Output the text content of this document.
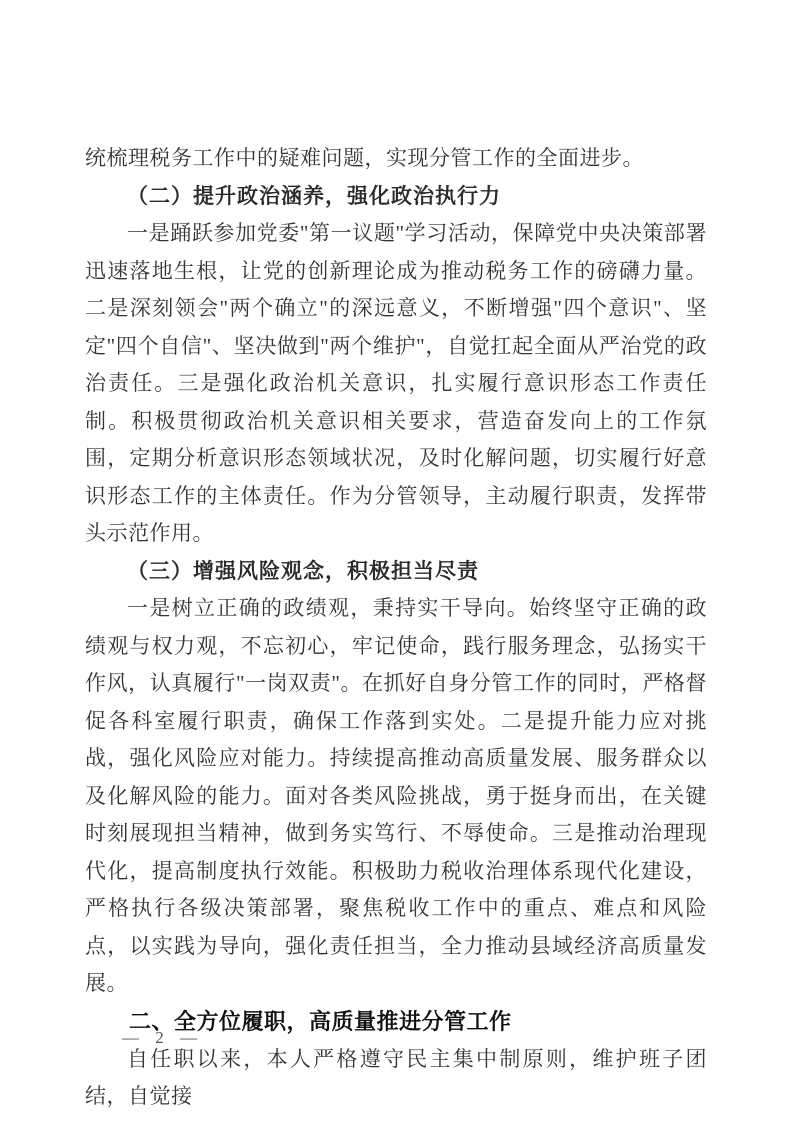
统梳理税务工作中的疑难问题，实现分管工作的全面进步。

（二）提升政治涵养，强化政治执行力

一是踊跃参加党委"第一议题"学习活动，保障党中央决策部署迅速落地生根，让党的创新理论成为推动税务工作的磅礴力量。二是深刻领会"两个确立"的深远意义，不断增强"四个意识"、坚定"四个自信"、坚决做到"两个维护"，自觉扛起全面从严治党的政治责任。三是强化政治机关意识，扎实履行意识形态工作责任制。积极贯彻政治机关意识相关要求，营造奋发向上的工作氛围，定期分析意识形态领域状况，及时化解问题，切实履行好意识形态工作的主体责任。作为分管领导，主动履行职责，发挥带头示范作用。

（三）增强风险观念，积极担当尽责

一是树立正确的政绩观，秉持实干导向。始终坚守正确的政绩观与权力观，不忘初心，牢记使命，践行服务理念，弘扬实干作风，认真履行"一岗双责"。在抓好自身分管工作的同时，严格督促各科室履行职责，确保工作落到实处。二是提升能力应对挑战，强化风险应对能力。持续提高推动高质量发展、服务群众以及化解风险的能力。面对各类风险挑战，勇于挺身而出，在关键时刻展现担当精神，做到务实笃行、不辱使命。三是推动治理现代化，提高制度执行效能。积极助力税收治理体系现代化建设，严格执行各级决策部署，聚焦税收工作中的重点、难点和风险点，以实践为导向，强化责任担当，全力推动县域经济高质量发展。

二、全方位履职，高质量推进分管工作

自任职以来，本人严格遵守民主集中制原则，维护班子团结，自觉接

— 2 —
